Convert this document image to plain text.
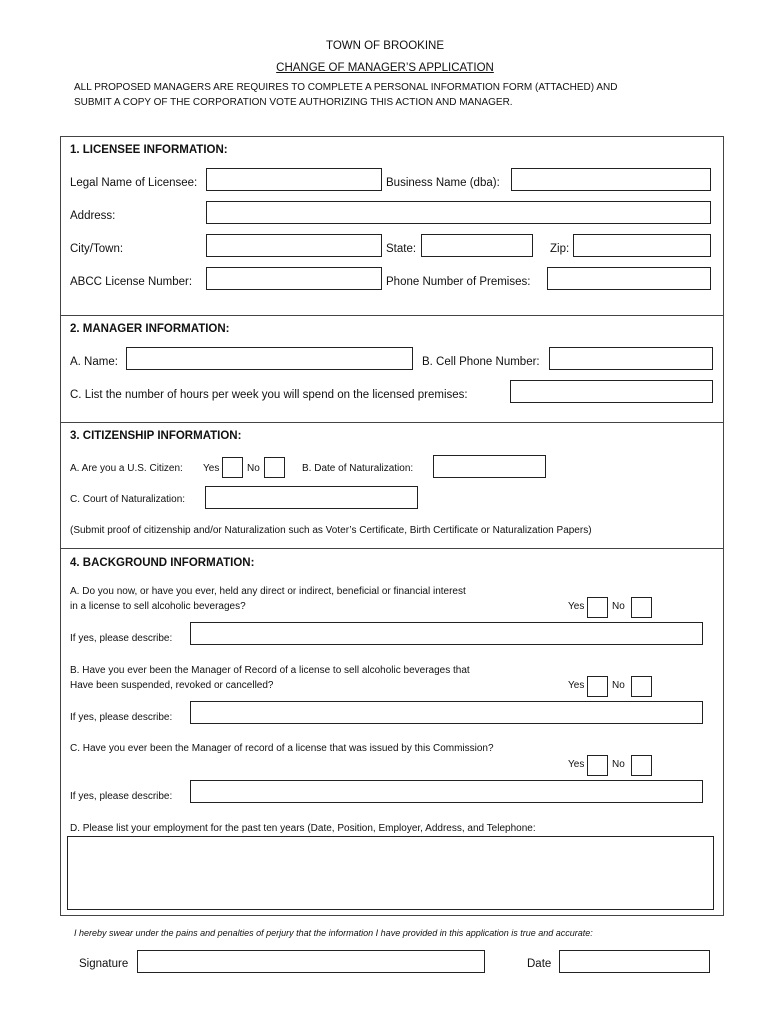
TOWN OF BROOKINE
CHANGE OF MANAGER’S APPLICATION
ALL PROPOSED MANAGERS ARE REQUIRES TO COMPLETE A PERSONAL INFORMATION FORM (ATTACHED) AND
SUBMIT A COPY OF THE CORPORATION VOTE AUTHORIZING THIS ACTION AND MANAGER.
1. LICENSEE INFORMATION:
Legal Name of Licensee:	Business Name (dba):
Address:
City/Town:	State:	Zip:
ABCC License Number:	Phone Number of Premises:
2. MANAGER INFORMATION:
A. Name:	B. Cell Phone Number:
C. List the number of hours per week you will spend on the licensed premises:
3. CITIZENSHIP INFORMATION:
A. Are you a U.S. Citizen: Yes	No	B. Date of Naturalization:
C. Court of Naturalization:
(Submit proof of citizenship and/or Naturalization such as Voter’s Certificate, Birth Certificate or Naturalization Papers)
4. BACKGROUND INFORMATION:
A. Do you now, or have you ever, held any direct or indirect, beneficial or financial interest
in a license to sell alcoholic beverages?	Yes	No
If yes, please describe:
B. Have you ever been the Manager of Record of a license to sell alcoholic beverages that
Have been suspended, revoked or cancelled?	Yes	No
If yes, please describe:
C. Have you ever been the Manager of record of a license that was issued by this Commission?
Yes	No
If yes, please describe:
D. Please list your employment for the past ten years (Date, Position, Employer, Address, and Telephone:
I hereby swear under the pains and penalties of perjury that the information I have provided in this application is true and accurate:
Signature	Date
